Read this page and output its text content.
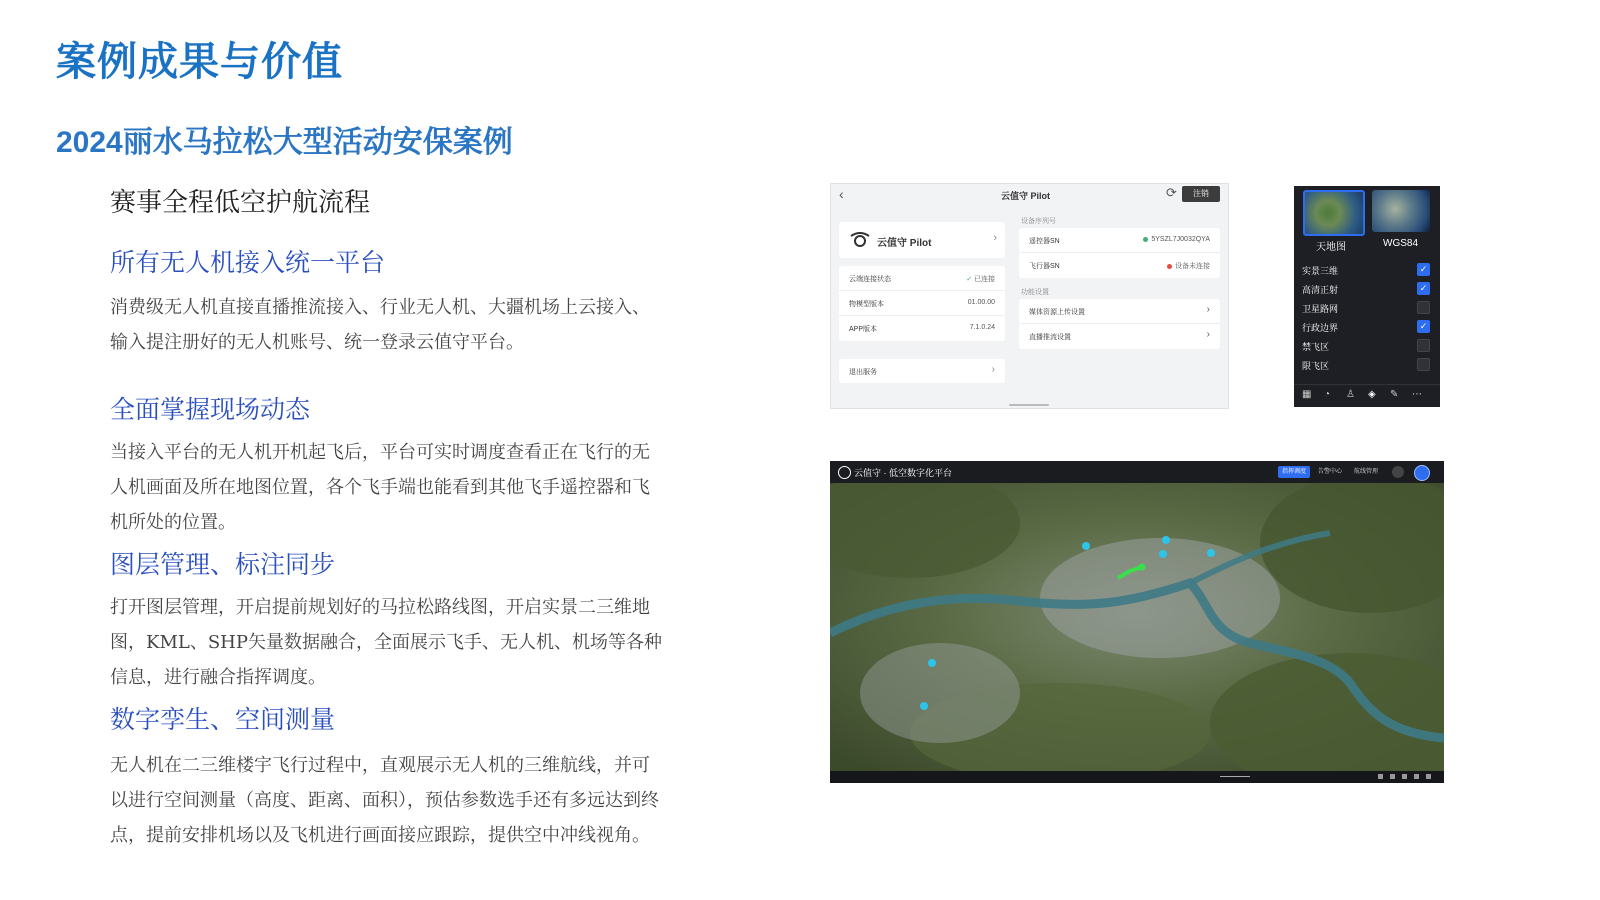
案例成果与价值
2024丽水马拉松大型活动安保案例
赛事全程低空护航流程
所有无人机接入统一平台
消费级无人机直接直播推流接入、行业无人机、大疆机场上云接入、
输入提注册好的无人机账号、统一登录云值守平台。
全面掌握现场动态
当接入平台的无人机开机起飞后，平台可实时调度查看正在飞行的无
人机画面及所在地图位置，各个飞手端也能看到其他飞手遥控器和飞
机所处的位置。
图层管理、标注同步
打开图层管理，开启提前规划好的马拉松路线图，开启实景二三维地
图，KML、SHP矢量数据融合，全面展示飞手、无人机、机场等各种
信息，进行融合指挥调度。
数字孪生、空间测量
无人机在二三维楼宇飞行过程中，直观展示无人机的三维航线，并可
以进行空间测量（高度、距离、面积），预估参数选手还有多远达到终
点，提前安排机场以及飞机进行画面接应跟踪，提供空中冲线视角。
‹	云值守 Pilot	⟳	注销
云值守 Pilot	›
云端连接状态	✓ 已连接
物模型版本	01.00.00
APP版本	7.1.0.24
退出服务	›
设备序列号
遥控器SN	5YSZL7J0032QYA
飞行器SN	设备未连接
功能设置
媒体资源上传设置	›
直播推流设置	›
天地图	WGS84
实景三维	✓
高清正射	✓
卫星路网
行政边界	✓
禁飞区
限飞区
▦ ◔ ♙ ◈ ✎ ⋯
云值守 · 低空数字化平台	指挥调度	告警中心	航线管理
